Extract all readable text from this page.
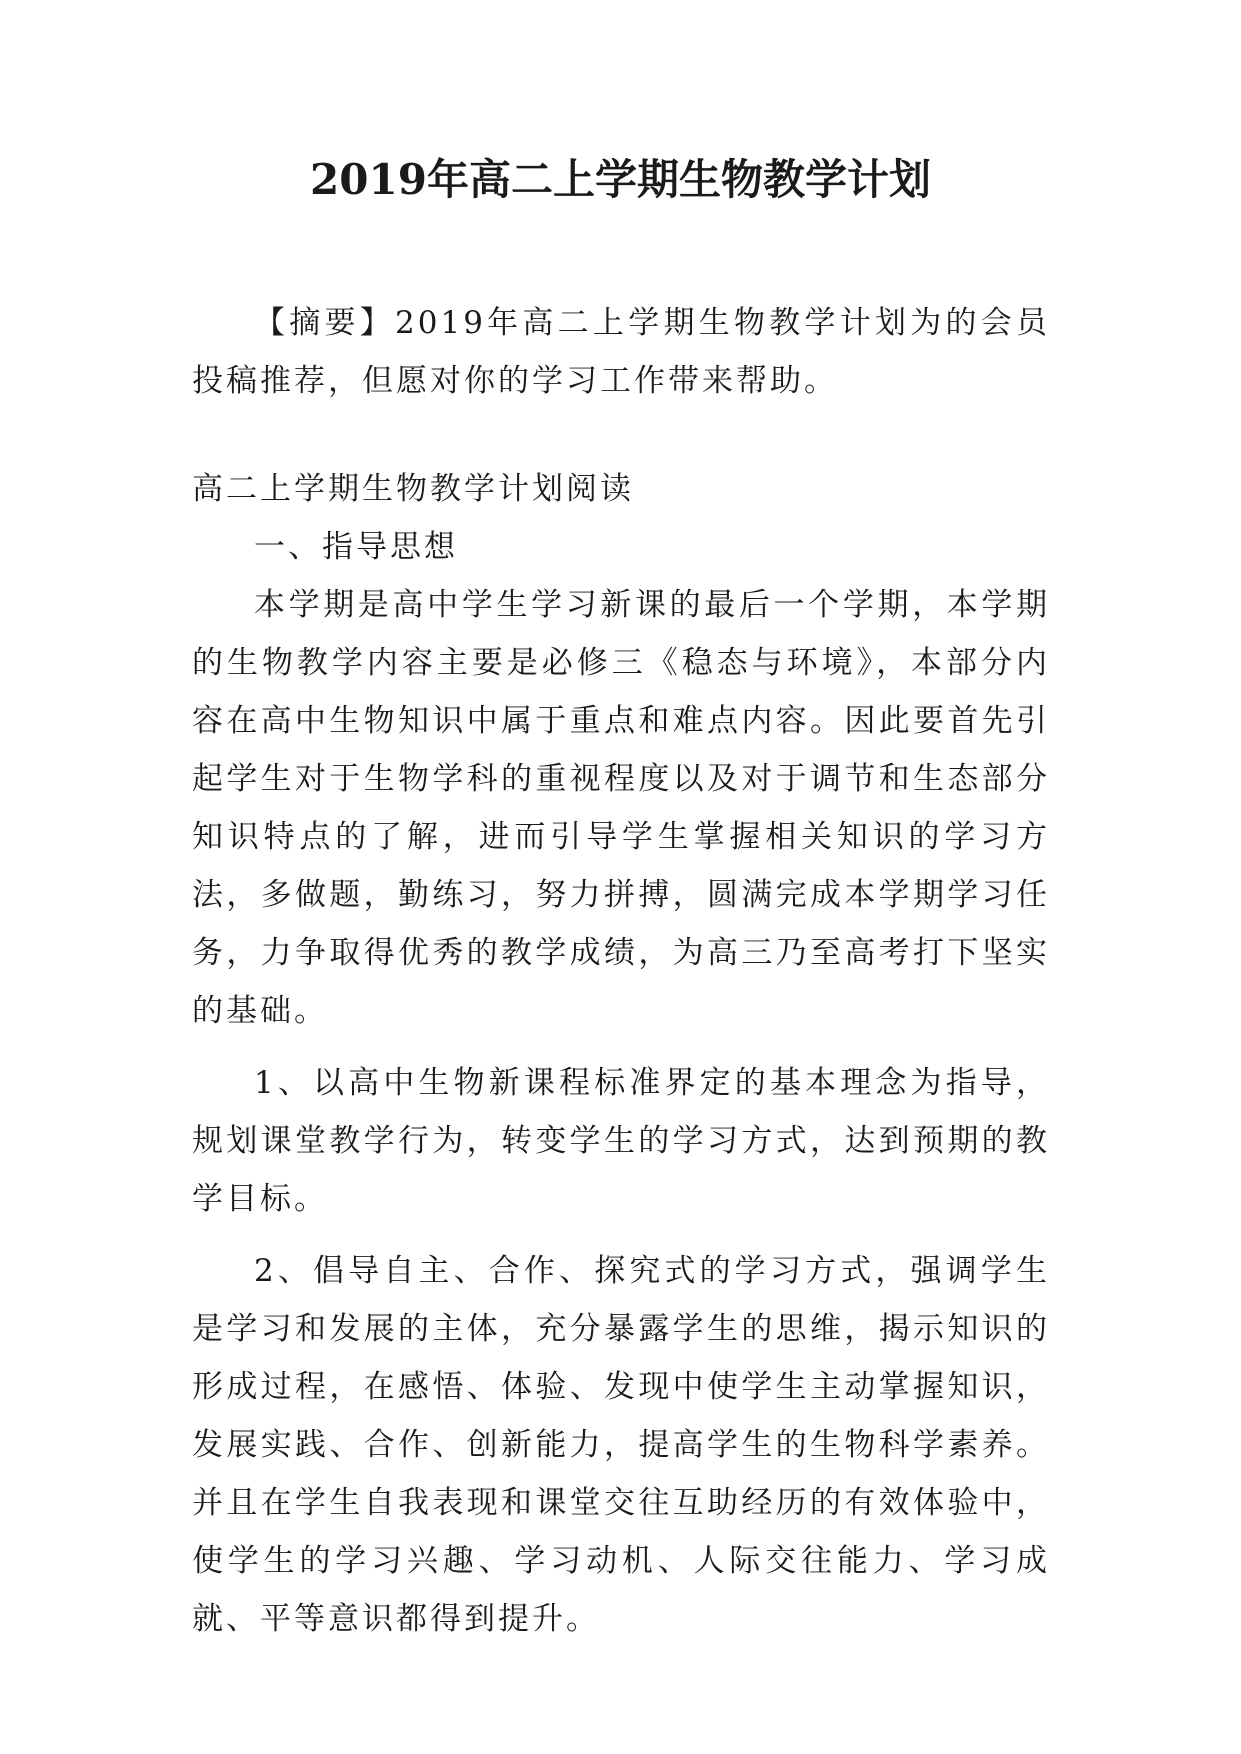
2019年高二上学期生物教学计划

【摘要】2019年高二上学期生物教学计划为的会员投稿推荐，但愿对你的学习工作带来帮助。

高二上学期生物教学计划阅读

一、指导思想

本学期是高中学生学习新课的最后一个学期，本学期的生物教学内容主要是必修三《稳态与环境》，本部分内容在高中生物知识中属于重点和难点内容。因此要首先引起学生对于生物学科的重视程度以及对于调节和生态部分知识特点的了解，进而引导学生掌握相关知识的学习方法，多做题，勤练习，努力拼搏，圆满完成本学期学习任务，力争取得优秀的教学成绩，为高三乃至高考打下坚实的基础。

1、以高中生物新课程标准界定的基本理念为指导，规划课堂教学行为，转变学生的学习方式，达到预期的教学目标。

2、倡导自主、合作、探究式的学习方式，强调学生是学习和发展的主体，充分暴露学生的思维，揭示知识的形成过程，在感悟、体验、发现中使学生主动掌握知识，发展实践、合作、创新能力，提高学生的生物科学素养。并且在学生自我表现和课堂交往互助经历的有效体验中，使学生的学习兴趣、学习动机、人际交往能力、学习成就、平等意识都得到提升。
